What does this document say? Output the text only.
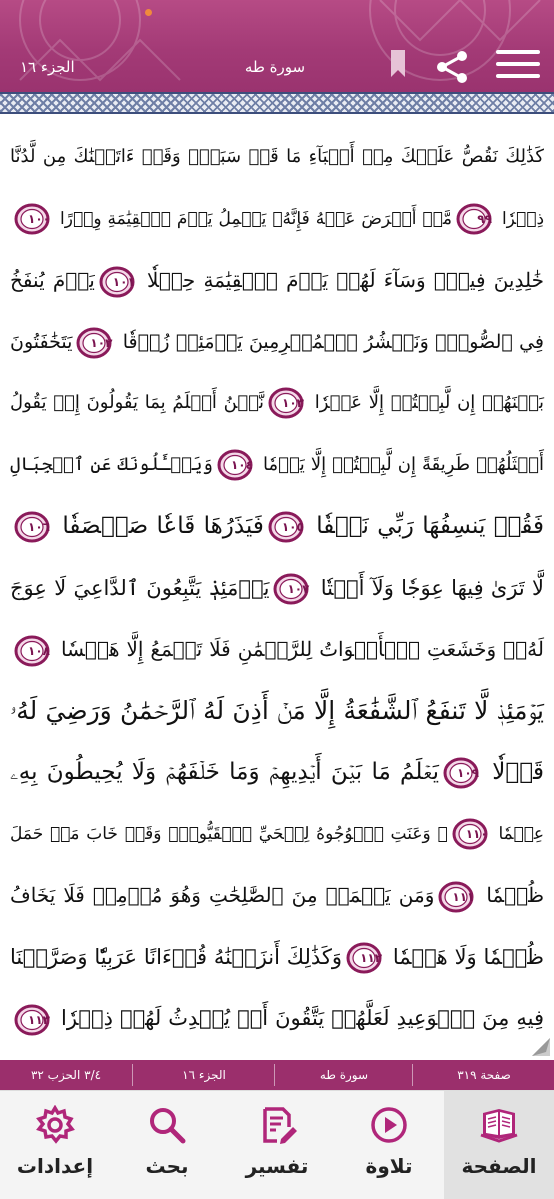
سورة طه
الجزء ١٦
كَذَٰلِكَ نَقُصُّ عَلَيۡكَ مِنۡ أَنۢبَآءِ مَا قَدۡ سَبَقَۚ وَقَدۡ ءَاتَيۡنَٰكَ مِن لَّدُنَّا
ذِكۡرٗا
٩٩
مَّنۡ أَعۡرَضَ عَنۡهُ فَإِنَّهُۥ يَحۡمِلُ يَوۡمَ ٱلۡقِيَٰمَةِ وِزۡرًا
١٠٠
خَٰلِدِينَ فِيهِۖ وَسَآءَ لَهُمۡ يَوۡمَ ٱلۡقِيَٰمَةِ حِمۡلٗا
١٠١
يَوۡمَ يُنفَخُ
فِي ٱلصُّورِۚ وَنَحۡشُرُ ٱلۡمُجۡرِمِينَ يَوۡمَئِذٖ زُرۡقٗا
١٠٢
يَتَخَٰفَتُونَ
بَيۡنَهُمۡ إِن لَّبِثۡتُمۡ إِلَّا عَشۡرٗا
١٠٣
نَّحۡنُ أَعۡلَمُ بِمَا يَقُولُونَ إِذۡ يَقُولُ
أَمۡثَلُهُمۡ طَرِيقَةً إِن لَّبِثۡتُمۡ إِلَّا يَوۡمٗا
١٠٤
وَيَسۡـَٔلُونَكَ عَنِ ٱلۡجِبَالِ
فَقُلۡ يَنسِفُهَا رَبِّي نَسۡفٗا
١٠٥
فَيَذَرُهَا قَاعٗا صَفۡصَفٗا
١٠٦
لَّا تَرَىٰ فِيهَا عِوَجٗا وَلَآ أَمۡتٗا
١٠٧
يَوۡمَئِذٖ يَتَّبِعُونَ ٱلدَّاعِيَ لَا عِوَجَ
لَهُۥۖ وَخَشَعَتِ ٱلۡأَصۡوَاتُ لِلرَّحۡمَٰنِ فَلَا تَسۡمَعُ إِلَّا هَمۡسٗا
١٠٨
يَوۡمَئِذٖ لَّا تَنفَعُ ٱلشَّفَٰعَةُ إِلَّا مَنۡ أَذِنَ لَهُ ٱلرَّحۡمَٰنُ وَرَضِيَ لَهُۥ
قَوۡلٗا
١٠٩
يَعۡلَمُ مَا بَيۡنَ أَيۡدِيهِمۡ وَمَا خَلۡفَهُمۡ وَلَا يُحِيطُونَ بِهِۦ
عِلۡمٗا
١١٠
۞ وَعَنَتِ ٱلۡوُجُوهُ لِلۡحَيِّ ٱلۡقَيُّومِۖ وَقَدۡ خَابَ مَنۡ حَمَلَ
ظُلۡمٗا
١١١
وَمَن يَعۡمَلۡ مِنَ ٱلصَّٰلِحَٰتِ وَهُوَ مُؤۡمِنٞ فَلَا يَخَافُ
ظُلۡمٗا وَلَا هَضۡمٗا
١١٢
وَكَذَٰلِكَ أَنزَلۡنَٰهُ قُرۡءَانًا عَرَبِيّٗا وَصَرَّفۡنَا
فِيهِ مِنَ ٱلۡوَعِيدِ لَعَلَّهُمۡ يَتَّقُونَ أَوۡ يُحۡدِثُ لَهُمۡ ذِكۡرٗا
١١٣
صفحة ٣١٩
سورة طه
الجزء ١٦
٣/٤ الحزب ٣٢
الصفحة
تلاوة
تفسير
بحث
إعدادات
